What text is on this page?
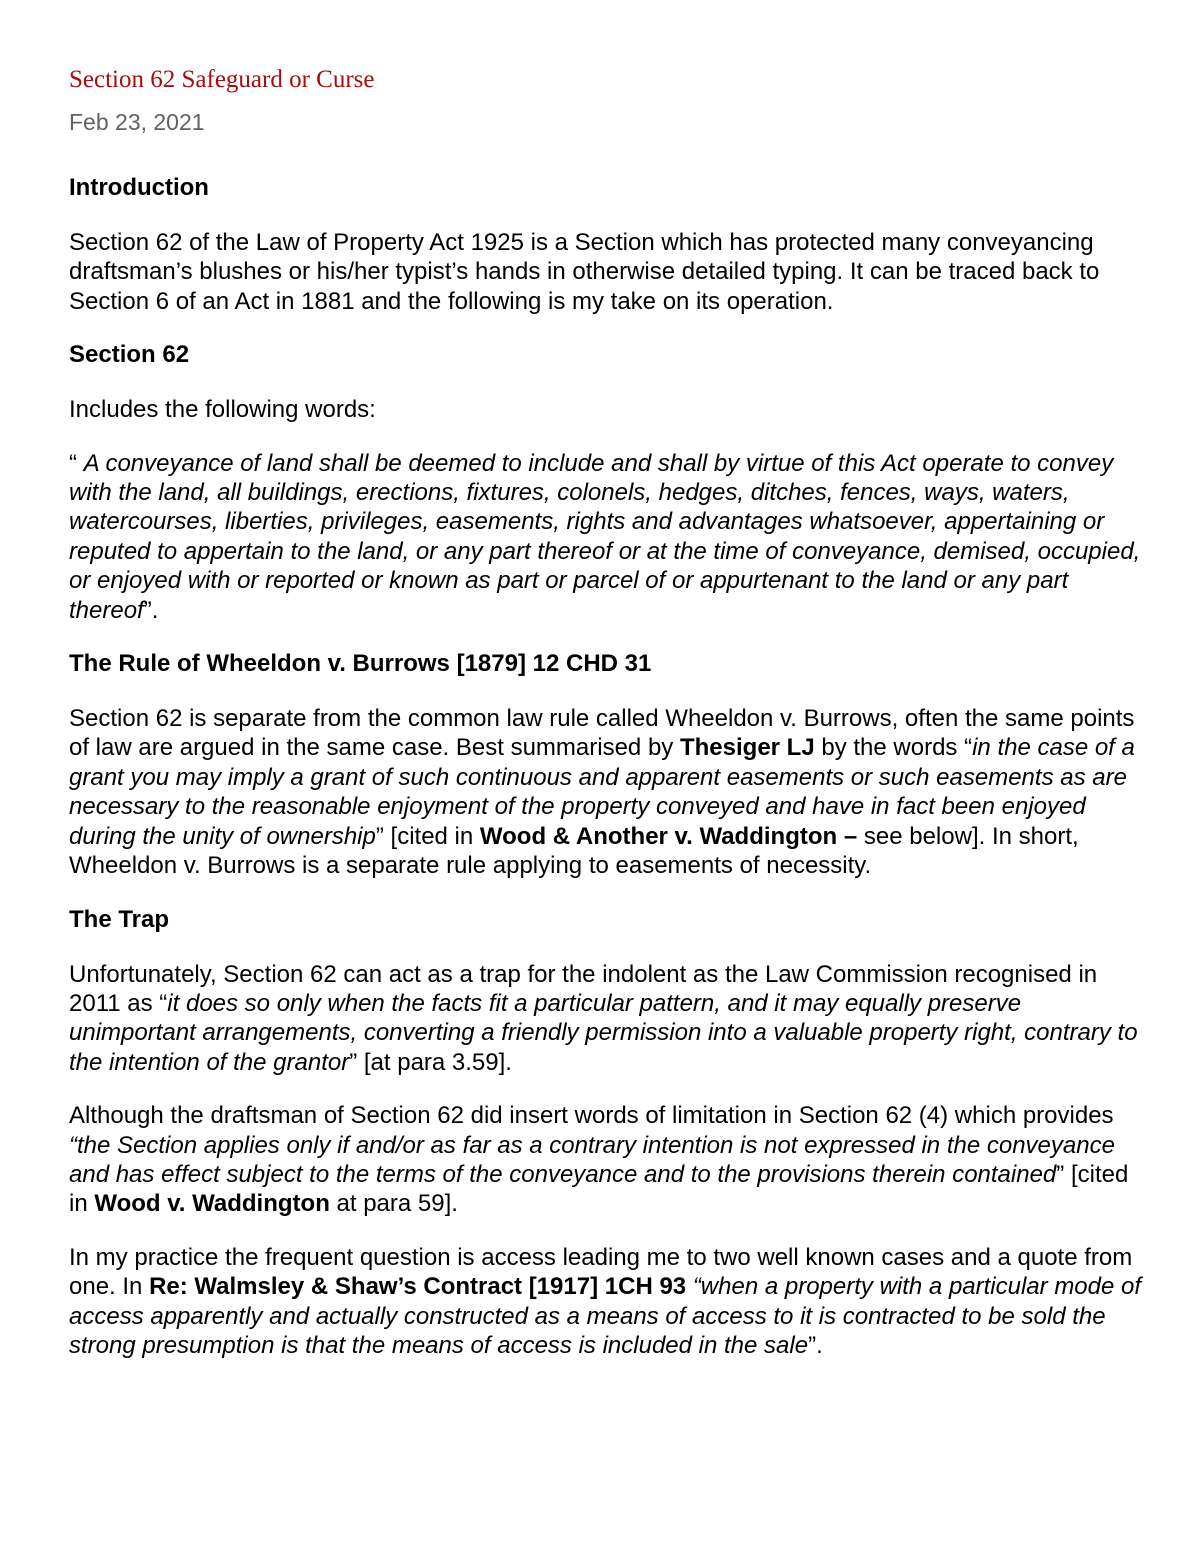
Section 62 Safeguard or Curse
Feb 23, 2021
Introduction

Section 62 of the Law of Property Act 1925 is a Section which has protected many conveyancing draftsman’s blushes or his/her typist’s hands in otherwise detailed typing. It can be traced back to Section 6 of an Act in 1881 and the following is my take on its operation.

Section 62

Includes the following words:

“ A conveyance of land shall be deemed to include and shall by virtue of this Act operate to convey with the land, all buildings, erections, fixtures, colonels, hedges, ditches, fences, ways, waters, watercourses, liberties, privileges, easements, rights and advantages whatsoever, appertaining or reputed to appertain to the land, or any part thereof or at the time of conveyance, demised, occupied, or enjoyed with or reported or known as part or parcel of or appurtenant to the land or any part thereof”.

The Rule of Wheeldon v. Burrows [1879] 12 CHD 31

Section 62 is separate from the common law rule called Wheeldon v. Burrows, often the same points of law are argued in the same case. Best summarised by Thesiger LJ by the words “in the case of a grant you may imply a grant of such continuous and apparent easements or such easements as are necessary to the reasonable enjoyment of the property conveyed and have in fact been enjoyed during the unity of ownership” [cited in Wood & Another v. Waddington – see below]. In short, Wheeldon v. Burrows is a separate rule applying to easements of necessity.

The Trap

Unfortunately, Section 62 can act as a trap for the indolent as the Law Commission recognised in 2011 as “it does so only when the facts fit a particular pattern, and it may equally preserve unimportant arrangements, converting a friendly permission into a valuable property right, contrary to the intention of the grantor” [at para 3.59].

Although the draftsman of Section 62 did insert words of limitation in Section 62 (4) which provides “the Section applies only if and/or as far as a contrary intention is not expressed in the conveyance and has effect subject to the terms of the conveyance and to the provisions therein contained” [cited in Wood v. Waddington at para 59].

In my practice the frequent question is access leading me to two well known cases and a quote from one. In Re: Walmsley & Shaw’s Contract [1917] 1CH 93 “when a property with a particular mode of access apparently and actually constructed as a means of access to it is contracted to be sold the strong presumption is that the means of access is included in the sale”.
